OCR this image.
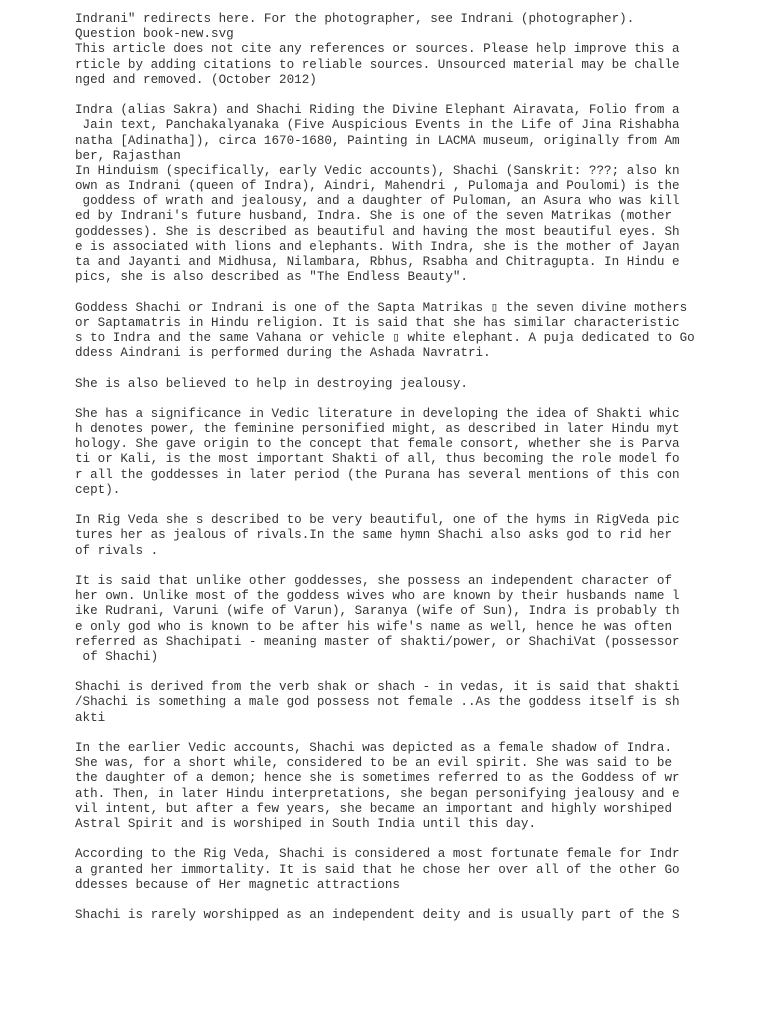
Indrani" redirects here. For the photographer, see Indrani (photographer).
Question book-new.svg
This article does not cite any references or sources. Please help improve this a
rticle by adding citations to reliable sources. Unsourced material may be challe
nged and removed. (October 2012)
Indra (alias Sakra) and Shachi Riding the Divine Elephant Airavata, Folio from a
Jain text, Panchakalyanaka (Five Auspicious Events in the Life of Jina Rishabha
natha [Adinatha]), circa 1670-1680, Painting in LACMA museum, originally from Am
ber, Rajasthan
In Hinduism (specifically, early Vedic accounts), Shachi (Sanskrit: ???; also kn
own as Indrani (queen of Indra), Aindri, Mahendri , Pulomaja and Poulomi) is the
goddess of wrath and jealousy, and a daughter of Puloman, an Asura who was kill
ed by Indrani's future husband, Indra. She is one of the seven Matrikas (mother
goddesses). She is described as beautiful and having the most beautiful eyes. Sh
e is associated with lions and elephants. With Indra, she is the mother of Jayan
ta and Jayanti and Midhusa, Nilambara, Rbhus, Rsabha and Chitragupta. In Hindu e
pics, she is also described as "The Endless Beauty".
Goddess Shachi or Indrani is one of the Sapta Matrikas ▯ the seven divine mothers
or Saptamatris in Hindu religion. It is said that she has similar characteristic
s to Indra and the same Vahana or vehicle ▯ white elephant. A puja dedicated to Go
ddess Aindrani is performed during the Ashada Navratri.
She is also believed to help in destroying jealousy.
She has a significance in Vedic literature in developing the idea of Shakti whic
h denotes power, the feminine personified might, as described in later Hindu myt
hology. She gave origin to the concept that female consort, whether she is Parva
ti or Kali, is the most important Shakti of all, thus becoming the role model fo
r all the goddesses in later period (the Purana has several mentions of this con
cept).
In Rig Veda she s described to be very beautiful, one of the hyms in RigVeda pic
tures her as jealous of rivals.In the same hymn Shachi also asks god to rid her
of rivals .
It is said that unlike other goddesses, she possess an independent character of
her own. Unlike most of the goddess wives who are known by their husbands name l
ike Rudrani, Varuni (wife of Varun), Saranya (wife of Sun), Indra is probably th
e only god who is known to be after his wife's name as well, hence he was often
referred as Shachipati - meaning master of shakti/power, or ShachiVat (possessor
of Shachi)
Shachi is derived from the verb shak or shach - in vedas, it is said that shakti
/Shachi is something a male god possess not female ..As the goddess itself is sh
akti
In the earlier Vedic accounts, Shachi was depicted as a female shadow of Indra.
She was, for a short while, considered to be an evil spirit. She was said to be
the daughter of a demon; hence she is sometimes referred to as the Goddess of wr
ath. Then, in later Hindu interpretations, she began personifying jealousy and e
vil intent, but after a few years, she became an important and highly worshiped
Astral Spirit and is worshiped in South India until this day.
According to the Rig Veda, Shachi is considered a most fortunate female for Indr
a granted her immortality. It is said that he chose her over all of the other Go
ddesses because of Her magnetic attractions
Shachi is rarely worshipped as an independent deity and is usually part of the S
